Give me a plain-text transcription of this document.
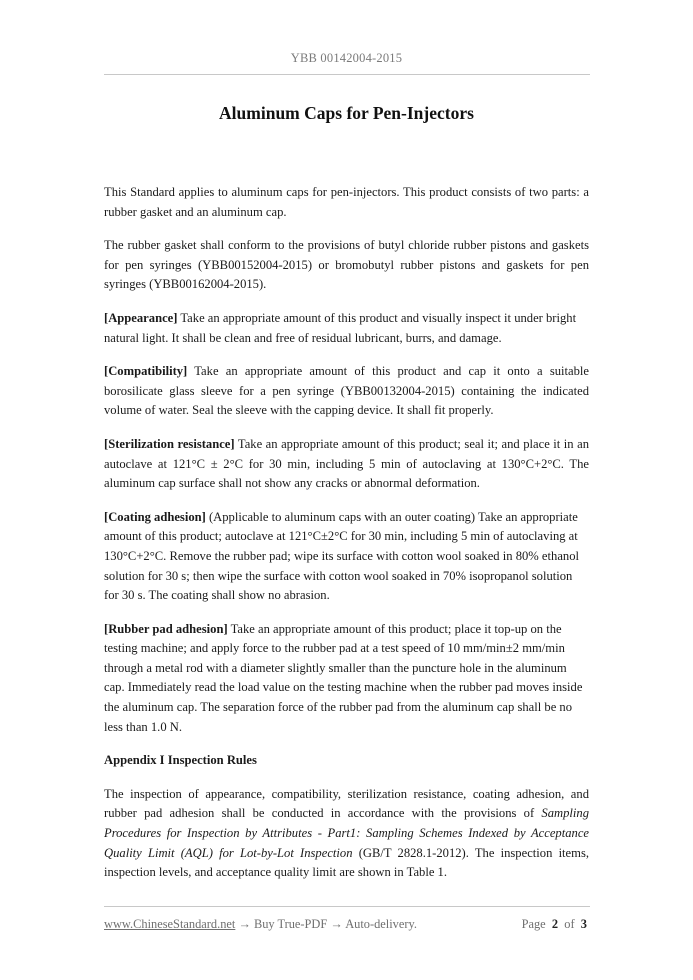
YBB 00142004-2015
Aluminum Caps for Pen-Injectors

This Standard applies to aluminum caps for pen-injectors. This product consists of two parts: a rubber gasket and an aluminum cap.

The rubber gasket shall conform to the provisions of butyl chloride rubber pistons and gaskets for pen syringes (YBB00152004-2015) or bromobutyl rubber pistons and gaskets for pen syringes (YBB00162004-2015).

[Appearance] Take an appropriate amount of this product and visually inspect it under bright natural light. It shall be clean and free of residual lubricant, burrs, and damage.

[Compatibility] Take an appropriate amount of this product and cap it onto a suitable borosilicate glass sleeve for a pen syringe (YBB00132004-2015) containing the indicated volume of water. Seal the sleeve with the capping device. It shall fit properly.

[Sterilization resistance] Take an appropriate amount of this product; seal it; and place it in an autoclave at 121°C ± 2°C for 30 min, including 5 min of autoclaving at 130°C+2°C. The aluminum cap surface shall not show any cracks or abnormal deformation.

[Coating adhesion] (Applicable to aluminum caps with an outer coating) Take an appropriate amount of this product; autoclave at 121°C±2°C for 30 min, including 5 min of autoclaving at 130°C+2°C. Remove the rubber pad; wipe its surface with cotton wool soaked in 80% ethanol solution for 30 s; then wipe the surface with cotton wool soaked in 70% isopropanol solution for 30 s. The coating shall show no abrasion.

[Rubber pad adhesion] Take an appropriate amount of this product; place it top-up on the testing machine; and apply force to the rubber pad at a test speed of 10 mm/min±2 mm/min through a metal rod with a diameter slightly smaller than the puncture hole in the aluminum cap. Immediately read the load value on the testing machine when the rubber pad moves inside the aluminum cap. The separation force of the rubber pad from the aluminum cap shall be no less than 1.0 N.

Appendix I Inspection Rules

The inspection of appearance, compatibility, sterilization resistance, coating adhesion, and rubber pad adhesion shall be conducted in accordance with the provisions of Sampling Procedures for Inspection by Attributes - Part1: Sampling Schemes Indexed by Acceptance Quality Limit (AQL) for Lot-by-Lot Inspection (GB/T 2828.1-2012). The inspection items, inspection levels, and acceptance quality limit are shown in Table 1.

www.ChineseStandard.net → Buy True-PDF → Auto-delivery.	Page 2 of 3
